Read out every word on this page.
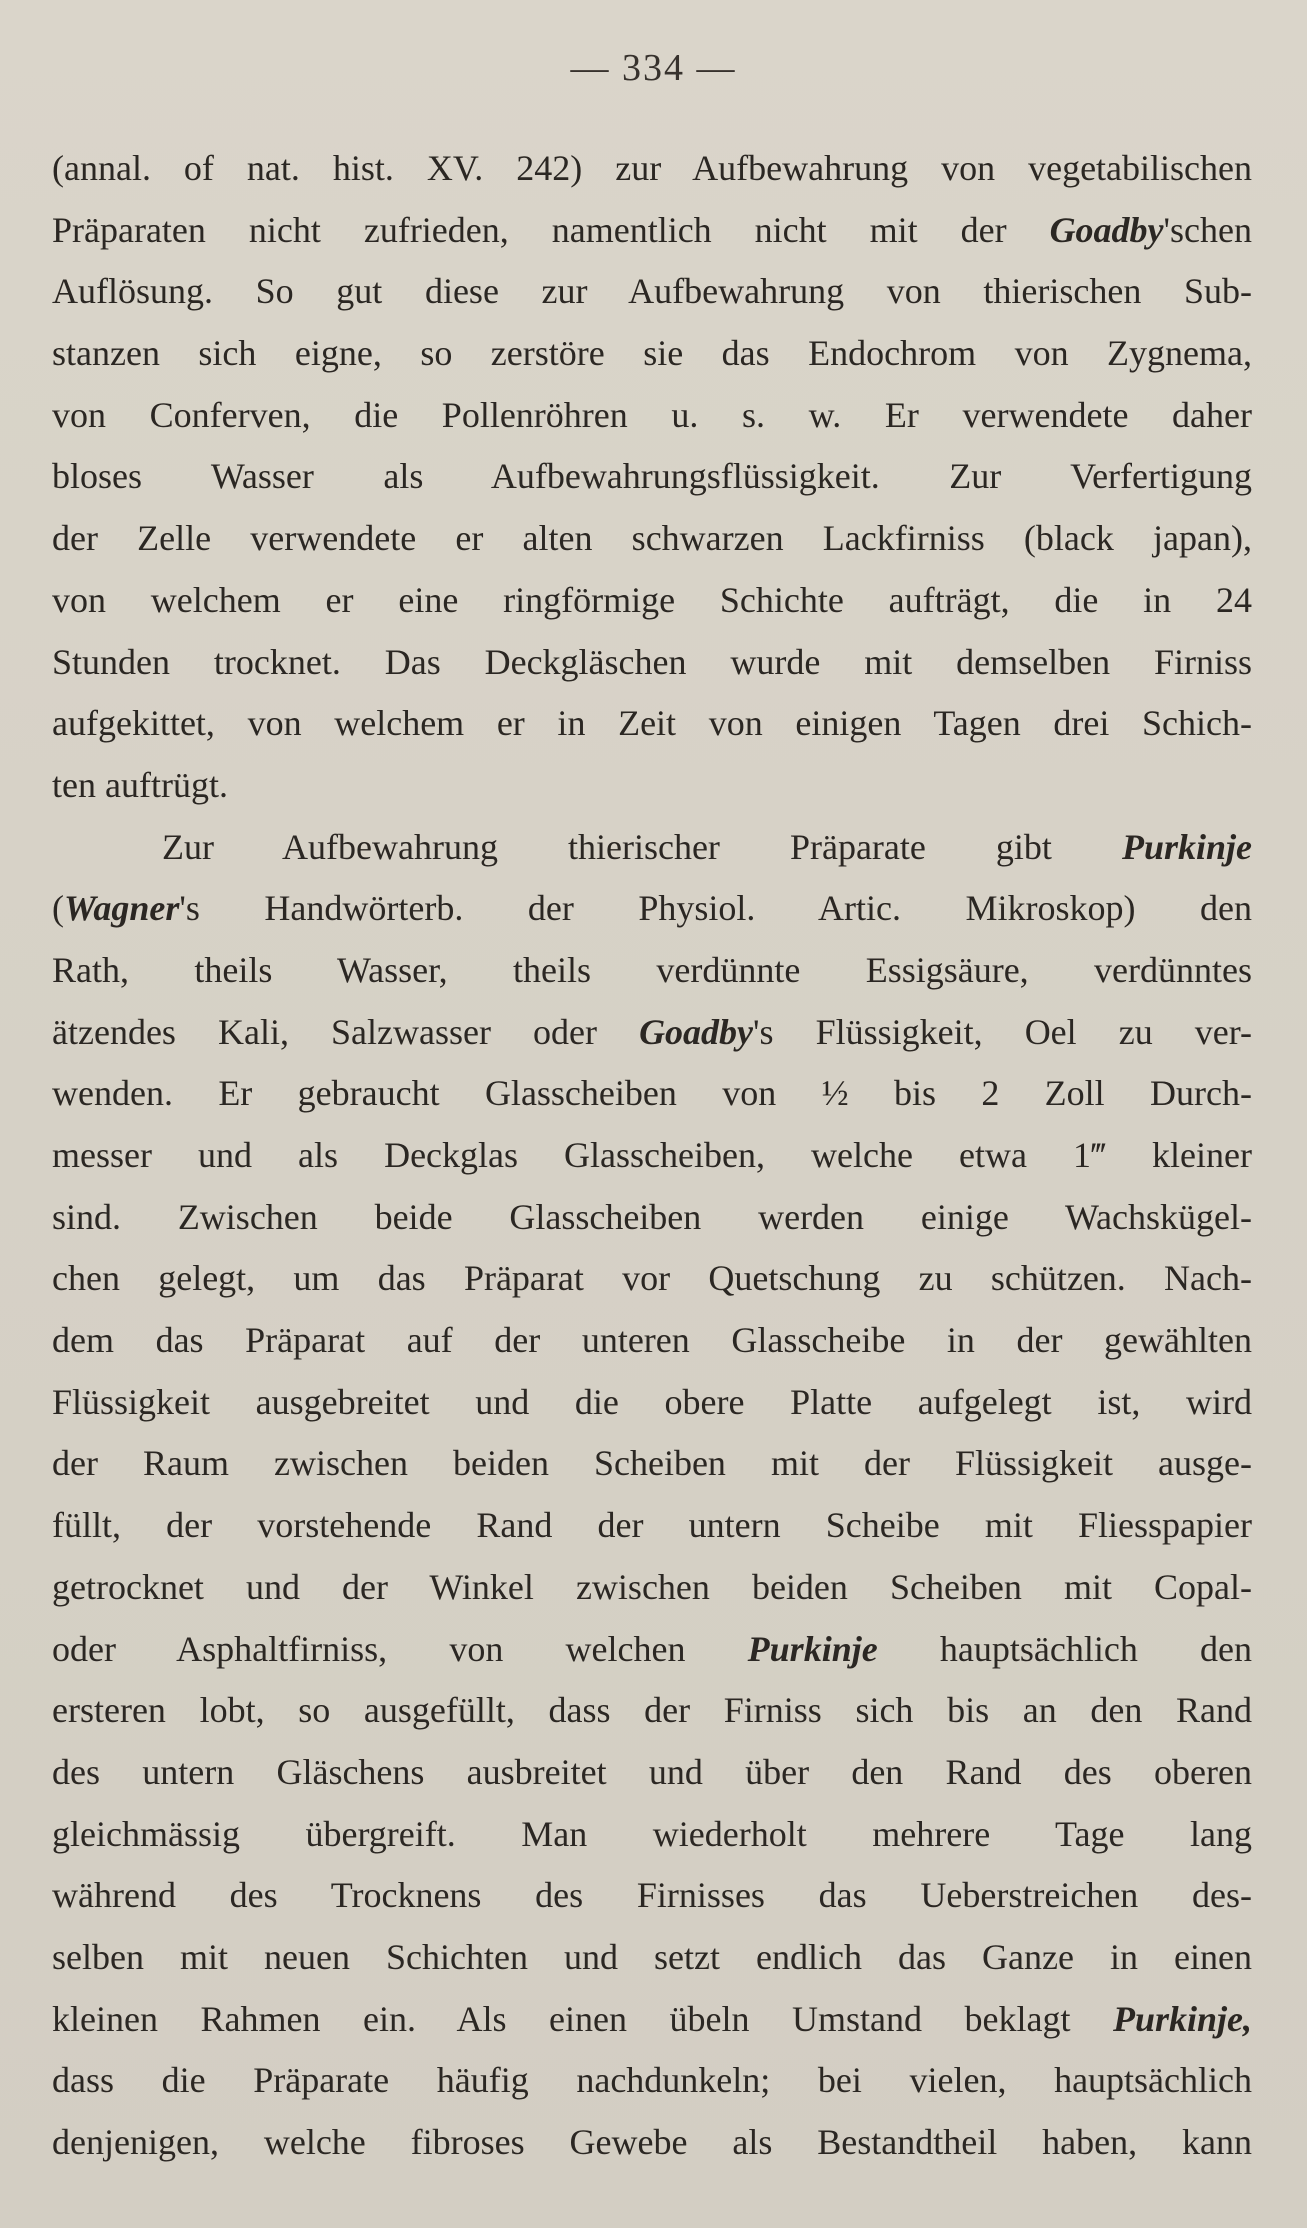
— 334 —
(annal. of nat. hist. XV. 242) zur Aufbewahrung von vegetabilischen
Präparaten nicht zufrieden, namentlich nicht mit der Goadby'schen
Auflösung. So gut diese zur Aufbewahrung von thierischen Sub-
stanzen sich eigne, so zerstöre sie das Endochrom von Zygnema,
von Conferven, die Pollenröhren u. s. w. Er verwendete daher
bloses Wasser als Aufbewahrungsflüssigkeit. Zur Verfertigung
der Zelle verwendete er alten schwarzen Lackfirniss (black japan),
von welchem er eine ringförmige Schichte aufträgt, die in 24
Stunden trocknet. Das Deckgläschen wurde mit demselben Firniss
aufgekittet, von welchem er in Zeit von einigen Tagen drei Schich-
ten auftrügt.
Zur Aufbewahrung thierischer Präparate gibt Purkinje
(Wagner's Handwörterb. der Physiol. Artic. Mikroskop) den
Rath, theils Wasser, theils verdünnte Essigsäure, verdünntes
ätzendes Kali, Salzwasser oder Goadby's Flüssigkeit, Oel zu ver-
wenden. Er gebraucht Glasscheiben von ½ bis 2 Zoll Durch-
messer und als Deckglas Glasscheiben, welche etwa 1‴ kleiner
sind. Zwischen beide Glasscheiben werden einige Wachskügel-
chen gelegt, um das Präparat vor Quetschung zu schützen. Nach-
dem das Präparat auf der unteren Glasscheibe in der gewählten
Flüssigkeit ausgebreitet und die obere Platte aufgelegt ist, wird
der Raum zwischen beiden Scheiben mit der Flüssigkeit ausge-
füllt, der vorstehende Rand der untern Scheibe mit Fliesspapier
getrocknet und der Winkel zwischen beiden Scheiben mit Copal-
oder Asphaltfirniss, von welchen Purkinje hauptsächlich den
ersteren lobt, so ausgefüllt, dass der Firniss sich bis an den Rand
des untern Gläschens ausbreitet und über den Rand des oberen
gleichmässig übergreift. Man wiederholt mehrere Tage lang
während des Trocknens des Firnisses das Ueberstreichen des-
selben mit neuen Schichten und setzt endlich das Ganze in einen
kleinen Rahmen ein. Als einen übeln Umstand beklagt Purkinje,
dass die Präparate häufig nachdunkeln; bei vielen, hauptsächlich
denjenigen, welche fibroses Gewebe als Bestandtheil haben, kann
